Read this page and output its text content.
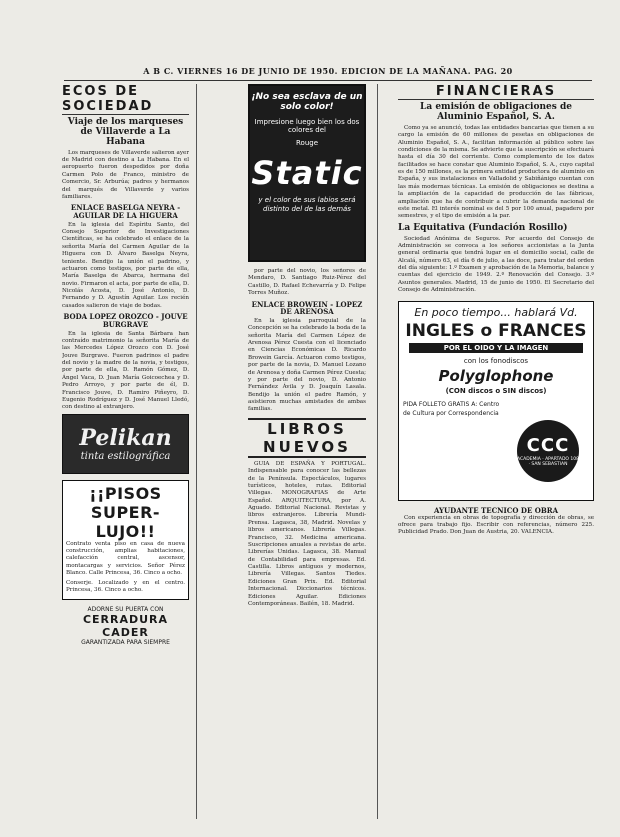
A B C. VIERNES 16 DE JUNIO DE 1950. EDICION DE LA MAÑANA. PAG. 20
ECOS DE SOCIEDAD
Viaje de los marqueses de Villaverde a La Habana

Los marqueses de Villaverde salieron ayer de Madrid con destino a La Habana. En el aeropuerto fueron despedidos por doña Carmen Polo de Franco, ministro de Comercio, Sr. Arburúa; padres y hermanos del marqués de Villaverde y varios familiares.

ENLACE BASELGA NEYRA - AGUILAR DE LA HIGUERA

En la iglesia del Espíritu Santo, del Consejo Superior de Investigaciones Científicas, se ha celebrado el enlace de la señorita María del Carmen Aguilar de la Higuera con D. Álvaro Baselga Neyra, teniente. Bendijo la unión el padrino, y actuaron como testigos, por parte de ella, María Baselga de Abarca, hermana del novio. Firmaron el acta, por parte de ella, D. Nicolás Acosta, D. José Antonio, D. Fernando y D. Agustín Aguilar. Los recién casados salieron de viaje de bodas.

BODA LOPEZ OROZCO - JOUVE BURGRAVE

En la iglesia de Santa Bárbara han contraído matrimonio la señorita María de las Mercedes López Orozco con D. José Jouve Burgrave. Fueron padrinos el padre del novio y la madre de la novia, y testigos, por parte de ella, D. Ramón Gómez, D. Ángel Vaca, D. Juan María Goicoechea y D. Pedro Arroyo, y por parte de él, D. Francisco Jouve, D. Ramiro Piñeyro, D. Eugenio Rodríguez y D. José Manuel Lledó, con destino al extranjero.

Pelikan
tinta estilográfica
¡¡PISOS SUPER-LUJO!!

Contrato venta piso en casa de nueva construcción, amplias habitaciones, calefacción central, ascensor, montacargas y servicios. Señor Pérez Blanco. Calle Princesa, 36. Cinco a ocho.

Conserje. Localizado y en el centro. Princesa, 36. Cinco a ocho.

ADORNE SU PUERTA CON
CERRADURA CADER
GARANTIZADA PARA SIEMPRE
¡No sea esclava de un solo color!
Impresione luego bien los dos colores del
Rouge
Static
y el color de sus labios será distinto del de las demás

por parte del novio, los señores de Mendaro, D. Santiago Ruiz-Pérez del Castillo, D. Rafael Echevarría y D. Felipe Torres Muñoz.

ENLACE BROWEIN - LOPEZ DE ARENOSA

En la iglesia parroquial de la Concepción se ha celebrado la boda de la señorita María del Carmen López de Arenosa Pérez Cuesta con el licenciado en Ciencias Económicas D. Ricardo Browein García. Actuaron como testigos, por parte de la novia, D. Manuel Lozano de Arenosa y doña Carmen Pérez Cuesta; y por parte del novio, D. Antonio Fernández Ávila y D. Joaquín Lasala. Bendijo la unión el padre Ramón, y asistieron muchas amistades de ambas familias.

LIBROS NUEVOS

GUIA DE ESPAÑA Y PORTUGAL. Indispensable para conocer las bellezas de la Península. Espectáculos, lugares turísticos, hoteles, rutas. Editorial Villegas. MONOGRAFIAS de Arte Español. ARQUITECTURA, por A. Aguado. Editorial Nacional. Revistas y libros extranjeros. Librería Mundi-Prensa. Lagasca, 38, Madrid. Novelas y libros americanos. Librería Villegas. Francisco, 32. Medicina americana. Suscripciones anuales a revistas de arte. Librerías Unidas. Lagasca, 38. Manual de Contabilidad para empresas. Ed. Castilla. Libros antiguos y modernos, Librería Villegas. Santos Tiedes. Ediciones Gran Prix. Ed. Editorial Internacional. Diccionarios técnicos. Ediciones Aguilar. Ediciones Contemporáneas. Bailén, 18. Madrid.

FINANCIERAS
La emisión de obligaciones de Aluminio Español, S. A.

Como ya se anunció, todas las entidades bancarias que tienen a su cargo la emisión de 60 millones de pesetas en obligaciones de Aluminio Español, S. A., facilitan información al público sobre las condiciones de la misma. Se advierte que la suscripción se efectuará hasta el día 30 del corriente. Como complemento de los datos facilitados se hace constar que Aluminio Español, S. A., cuyo capital es de 150 millones, es la primera entidad productora de aluminio en España, y sus instalaciones en Valladolid y Sabiñánigo cuentan con las más modernas técnicas. La emisión de obligaciones se destina a la ampliación de la capacidad de producción de las fábricas, ampliación que ha de contribuir a cubrir la demanda nacional de este metal. El interés nominal es del 5 por 100 anual, pagadero por semestres, y el tipo de emisión a la par.

La Equitativa (Fundación Rosillo)

Sociedad Anónima de Seguros. Por acuerdo del Consejo de Administración se convoca a los señores accionistas a la Junta general ordinaria que tendrá lugar en el domicilio social, calle de Alcalá, número 63, el día 6 de julio, a las doce, para tratar del orden del día siguiente: 1.º Examen y aprobación de la Memoria, balance y cuentas del ejercicio de 1949. 2.º Renovación del Consejo. 3.º Asuntos generales. Madrid, 15 de junio de 1950. El Secretario del Consejo de Administración.

En poco tiempo... hablará Vd.
INGLES o FRANCES
POR EL OIDO Y LA IMAGEN
con los fonodiscos
Polyglophone
(CON discos o SIN discos)
PIDA FOLLETO GRATIS A: Centro de Cultura por Correspondencia
CCC
ACADEMIA · APARTADO 108 · SAN SEBASTIAN
AYUDANTE TECNICO DE OBRA

Con experiencia en obras de topografía y dirección de obras, se ofrece para trabajo fijo. Escribir con referencias, número 225. Publicidad Prado. Don Juan de Austria, 20. VALENCIA.
